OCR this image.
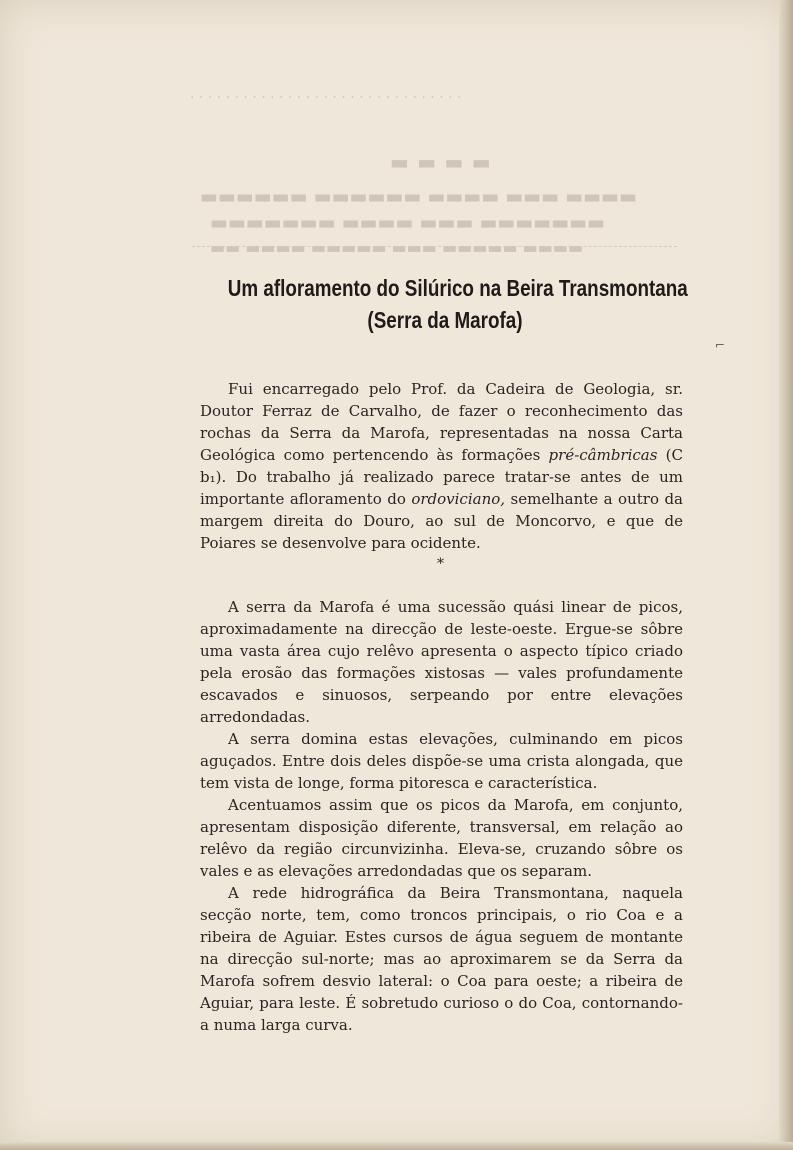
· · · · · · · · · · · · · · · · · · · · · · · · · · · · · · ·
▬ ▬ ▬ ▬
▬▬▬▬▬▬ ▬▬▬▬▬▬ ▬▬▬▬ ▬▬▬ ▬▬▬▬
▬▬▬▬▬▬▬ ▬▬▬▬ ▬▬▬ ▬▬▬▬▬▬▬
▬▬ ▬▬▬▬ ▬▬▬▬▬ ▬▬▬ ▬▬▬▬▬ ▬▬▬▬
⌐
Um afloramento do Silúrico na Beira Transmontana
(Serra da Marofa)

Fui encarregado pelo Prof. da Cadeira de Geologia, sr. Doutor Ferraz de Carvalho, de fazer o reconhecimento das rochas da Serra da Marofa, representadas na nossa Carta Geológica como pertencendo às formações pré-câmbricas (C b₁). Do trabalho já realizado parece tratar-se antes de um importante afloramento do ordoviciano, semelhante a outro da margem direita do Douro, ao sul de Moncorvo, e que de Poiares se desenvolve para ocidente.

*

A serra da Marofa é uma sucessão quási linear de picos, aproximadamente na direcção de leste-oeste. Ergue-se sôbre uma vasta área cujo relêvo apresenta o aspecto típico criado pela erosão das formações xistosas — vales profundamente escavados e sinuosos, serpeando por entre elevações arredondadas.

A serra domina estas elevações, culminando em picos aguçados. Entre dois deles dispõe-se uma crista alongada, que tem vista de longe, forma pitoresca e característica.

Acentuamos assim que os picos da Marofa, em conjunto, apresentam disposição diferente, transversal, em relação ao relêvo da região circunvizinha. Eleva-se, cruzando sôbre os vales e as elevações arredondadas que os separam.

A rede hidrográfica da Beira Transmontana, naquela secção norte, tem, como troncos principais, o rio Coa e a ribeira de Aguiar. Estes cursos de água seguem de montante na direcção sul-norte; mas ao aproximarem se da Serra da Marofa sofrem desvio lateral: o Coa para oeste; a ribeira de Aguiar, para leste. É sobretudo curioso o do Coa, contornando-a numa larga curva.
